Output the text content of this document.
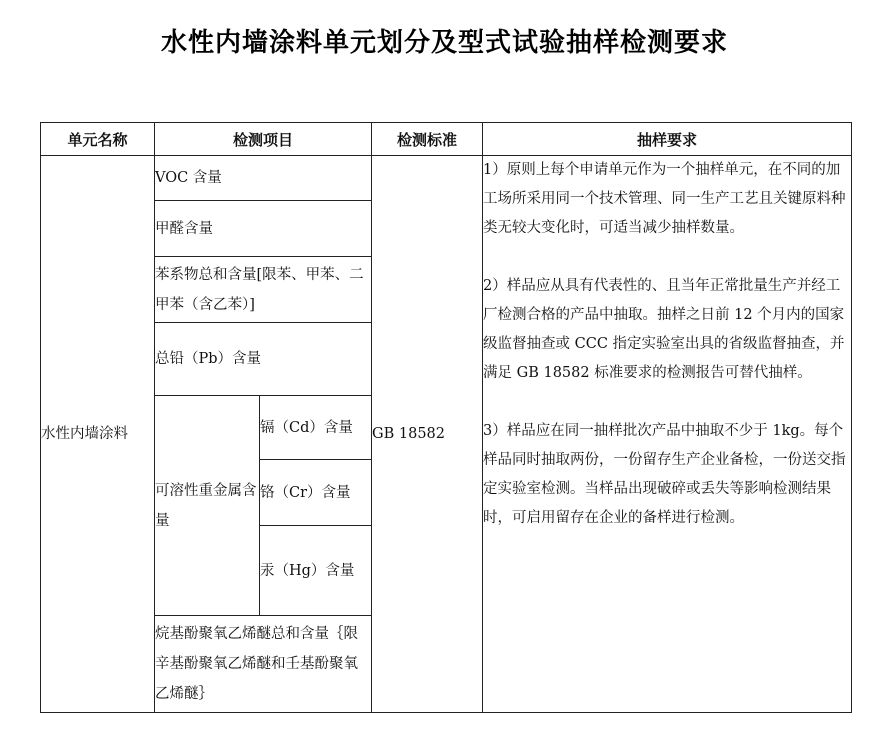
水性内墙涂料单元划分及型式试验抽样检测要求
单元名称	检测项目		检测标准	抽样要求
水性内墙涂料	VOC 含量		GB 18582	1）原则上每个申请单元作为一个抽样单元，在不同的加工场所采用同一个技术管理、同一生产工艺且关键原料种类无较大变化时，可适当减少抽样数量。

2）样品应从具有代表性的、且当年正常批量生产并经工厂检测合格的产品中抽取。抽样之日前 12 个月内的国家级监督抽查或 CCC 指定实验室出具的省级监督抽查，并满足 GB 18582 标准要求的检测报告可替代抽样。

3）样品应在同一抽样批次产品中抽取不少于 1kg。每个样品同时抽取两份，一份留存生产企业备检，一份送交指定实验室检测。当样品出现破碎或丢失等影响检测结果时，可启用留存在企业的备样进行检测。

	甲醛含量			
	苯系物总和含量[限苯、甲苯、二甲苯（含乙苯）]			
	总铅（Pb）含量			
	可溶性重金属含量	镉（Cd）含量		
		铬（Cr）含量		
		汞（Hg）含量		
	烷基酚聚氧乙烯醚总和含量｛限辛基酚聚氧乙烯醚和壬基酚聚氧乙烯醚｝			
